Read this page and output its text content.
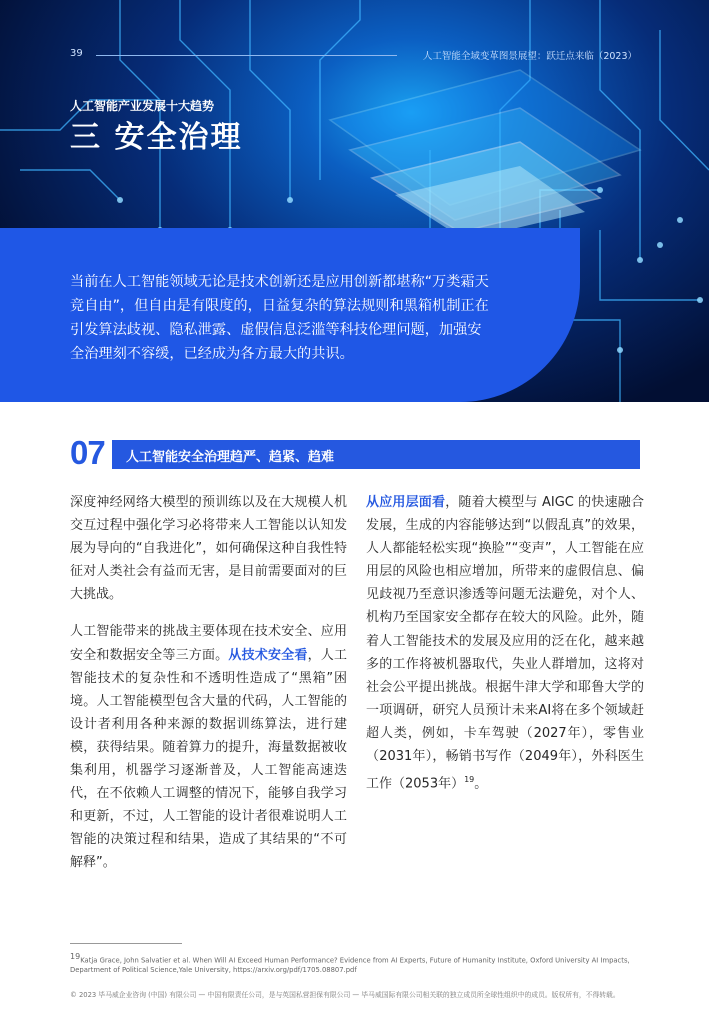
39	人工智能全域变革图景展望：跃迁点来临（2023）
人工智能产业发展十大趋势
三 安全治理
当前在人工智能领域无论是技术创新还是应用创新都堪称“万类霜天竞自由”，但自由是有限度的，日益复杂的算法规则和黑箱机制正在引发算法歧视、隐私泄露、虚假信息泛滥等科技伦理问题，加强安全治理刻不容缓，已经成为各方最大的共识。
07 人工智能安全治理趋严、趋紧、趋难

深度神经网络大模型的预训练以及在大规模人机交互过程中强化学习必将带来人工智能以认知发展为导向的“自我进化”，如何确保这种自我性特征对人类社会有益而无害，是目前需要面对的巨大挑战。

人工智能带来的挑战主要体现在技术安全、应用安全和数据安全等三方面。从技术安全看，人工智能技术的复杂性和不透明性造成了“黑箱”困境。人工智能模型包含大量的代码，人工智能的设计者利用各种来源的数据训练算法，进行建模，获得结果。随着算力的提升，海量数据被收集利用，机器学习逐渐普及，人工智能高速迭代，在不依赖人工调整的情况下，能够自我学习和更新，不过，人工智能的设计者很难说明人工智能的决策过程和结果，造成了其结果的“不可解释”。

从应用层面看，随着大模型与 AIGC 的快速融合发展，生成的内容能够达到“以假乱真”的效果，人人都能轻松实现“换脸”“变声”，人工智能在应用层的风险也相应增加，所带来的虚假信息、偏见歧视乃至意识渗透等问题无法避免，对个人、机构乃至国家安全都存在较大的风险。此外，随着人工智能技术的发展及应用的泛在化，越来越多的工作将被机器取代，失业人群增加，这将对社会公平提出挑战。根据牛津大学和耶鲁大学的一项调研，研究人员预计未来AI将在多个领域赶超人类，例如，卡车驾驶（2027年），零售业（2031年），畅销书写作（2049年），外科医生工作（2053年）$^{19}$。

$^{19}$Katja Grace, John Salvatier et al. When Will AI Exceed Human Performance? Evidence from AI Experts, Future of Humanity Institute, Oxford University AI Impacts, Department of Political Science,Yale University, https://arxiv.org/pdf/1705.08807.pdf
© 2023 毕马威企业咨询 (中国) 有限公司 — 中国有限责任公司，是与英国私营担保有限公司 — 毕马威国际有限公司相关联的独立成员所全球性组织中的成员。版权所有，不得转载。
